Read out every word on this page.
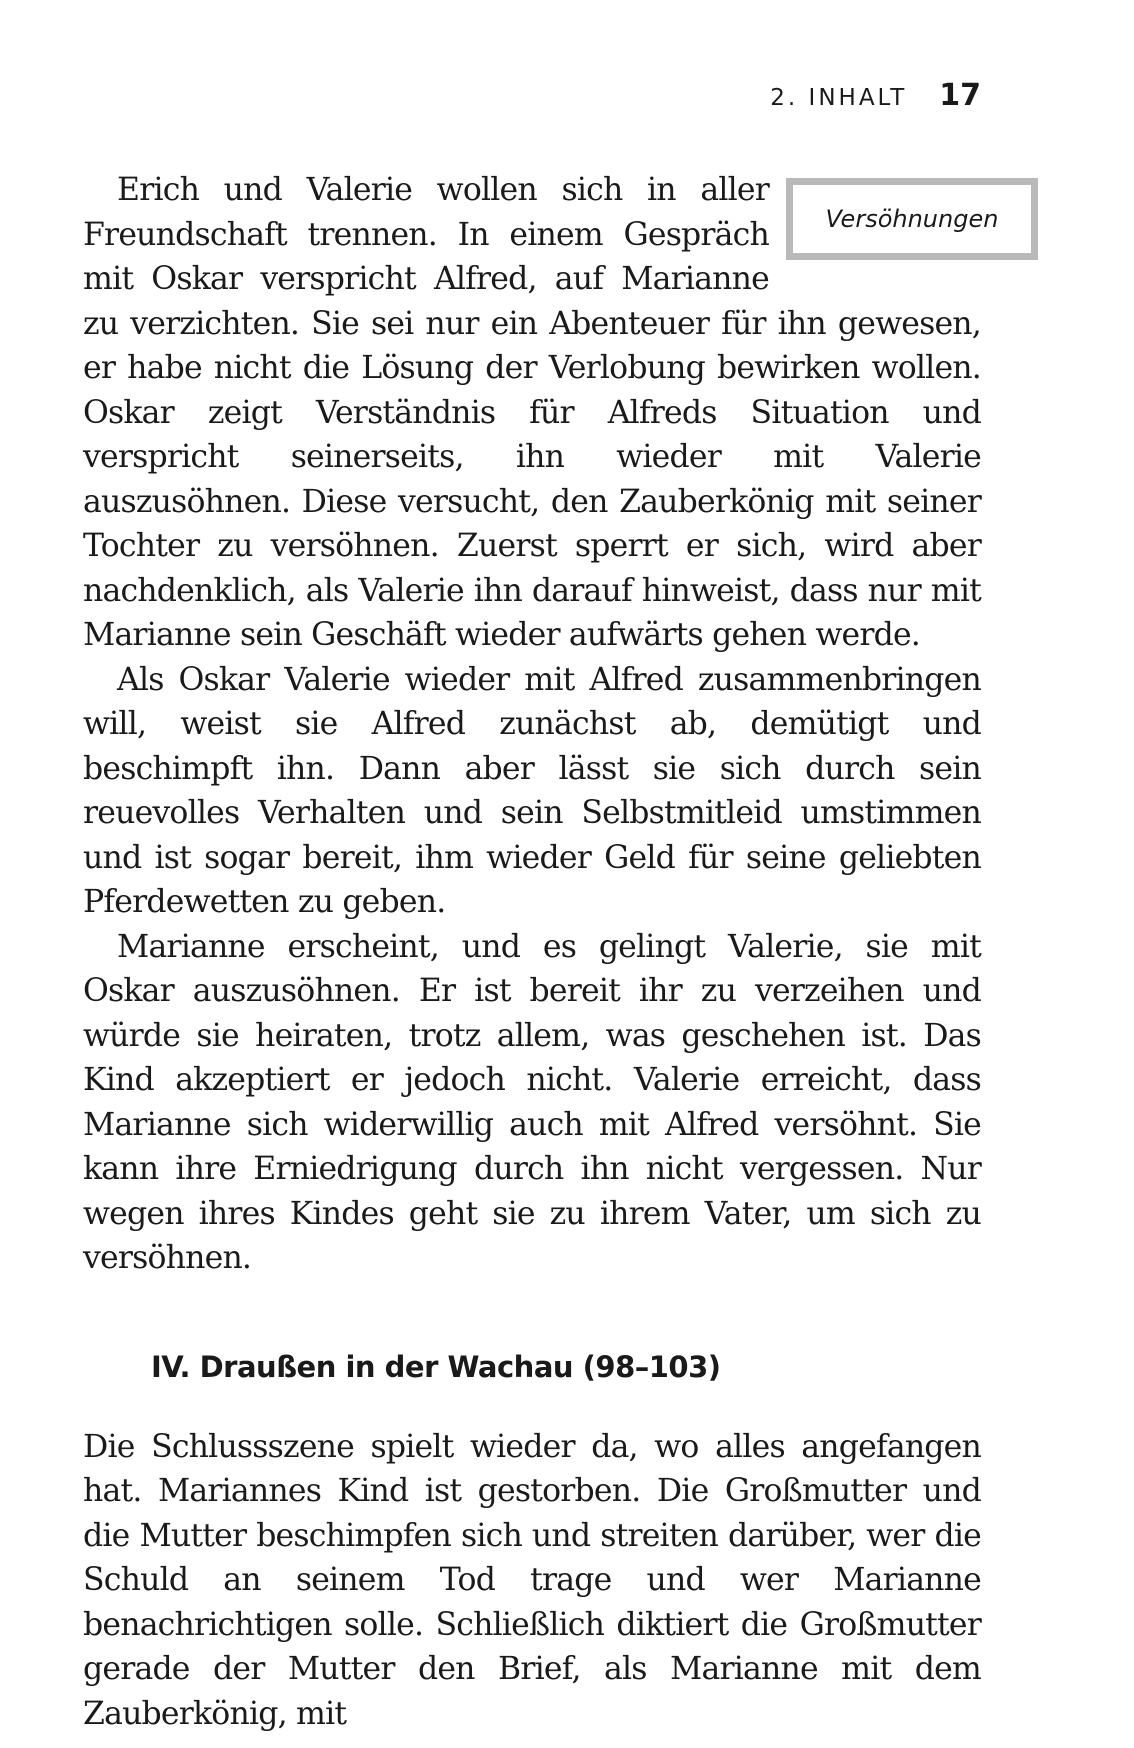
2. INHALT 17
Versöhnungen

Erich und Valerie wollen sich in aller Freundschaft trennen. In einem Gespräch mit Oskar verspricht Alfred, auf Marianne zu verzichten. Sie sei nur ein Abenteuer für ihn gewesen, er habe nicht die Lösung der Verlobung bewirken wollen. Oskar zeigt Verständnis für Alfreds Situation und verspricht seinerseits, ihn wieder mit Valerie auszusöhnen. Diese versucht, den Zauberkönig mit seiner Tochter zu versöhnen. Zuerst sperrt er sich, wird aber nachdenklich, als Valerie ihn darauf hinweist, dass nur mit Marianne sein Geschäft wieder aufwärts gehen werde.

Als Oskar Valerie wieder mit Alfred zusammenbringen will, weist sie Alfred zunächst ab, demütigt und beschimpft ihn. Dann aber lässt sie sich durch sein reuevolles Verhalten und sein Selbstmitleid umstimmen und ist sogar bereit, ihm wieder Geld für seine geliebten Pferdewetten zu geben.

Marianne erscheint, und es gelingt Valerie, sie mit Oskar auszusöhnen. Er ist bereit ihr zu verzeihen und würde sie heiraten, trotz allem, was geschehen ist. Das Kind akzeptiert er jedoch nicht. Valerie erreicht, dass Marianne sich widerwillig auch mit Alfred versöhnt. Sie kann ihre Erniedrigung durch ihn nicht vergessen. Nur wegen ihres Kindes geht sie zu ihrem Vater, um sich zu versöhnen.

IV. Draußen in der Wachau (98–103)

Die Schlussszene spielt wieder da, wo alles angefangen hat. Mariannes Kind ist gestorben. Die Großmutter und die Mutter beschimpfen sich und streiten darüber, wer die Schuld an seinem Tod trage und wer Marianne benachrichtigen solle. Schließlich diktiert die Großmutter gerade der Mutter den Brief, als Marianne mit dem Zauberkönig, mit
